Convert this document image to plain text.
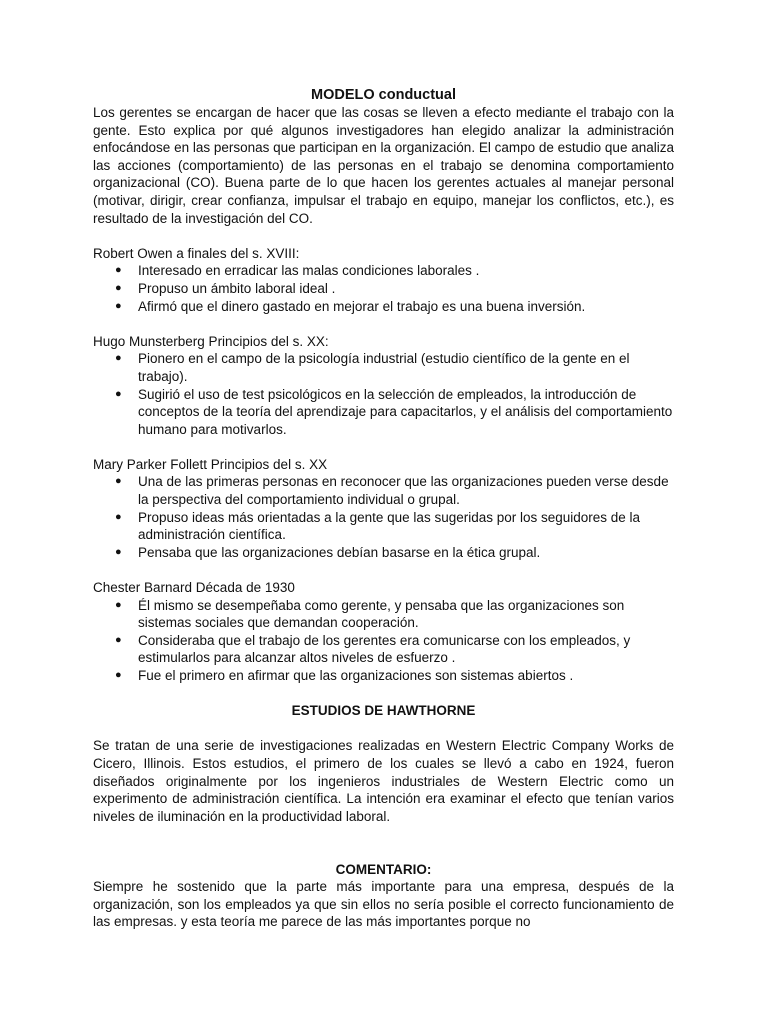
MODELO conductual

Los gerentes se encargan de hacer que las cosas se lleven a efecto mediante el trabajo con la gente. Esto explica por qué algunos investigadores han elegido analizar la administración enfocándose en las personas que participan en la organización. El campo de estudio que analiza las acciones (comportamiento) de las personas en el trabajo se denomina comportamiento organizacional (CO). Buena parte de lo que hacen los gerentes actuales al manejar personal (motivar, dirigir, crear confianza, impulsar el trabajo en equipo, manejar los conflictos, etc.), es resultado de la investigación del CO.

Robert Owen a finales del s. XVIII:

● Interesado en erradicar las malas condiciones laborales .
● Propuso un ámbito laboral ideal .
● Afirmó que el dinero gastado en mejorar el trabajo es una buena inversión.

Hugo Munsterberg Principios del s. XX:

● Pionero en el campo de la psicología industrial (estudio científico de la gente en el trabajo).
● Sugirió el uso de test psicológicos en la selección de empleados, la introducción de conceptos de la teoría del aprendizaje para capacitarlos, y el análisis del comportamiento humano para motivarlos.

Mary Parker Follett Principios del s. XX

● Una de las primeras personas en reconocer que las organizaciones pueden verse desde la perspectiva del comportamiento individual o grupal.
● Propuso ideas más orientadas a la gente que las sugeridas por los seguidores de la administración científica.
● Pensaba que las organizaciones debían basarse en la ética grupal.

Chester Barnard Década de 1930

● Él mismo se desempeñaba como gerente, y pensaba que las organizaciones son sistemas sociales que demandan cooperación.
● Consideraba que el trabajo de los gerentes era comunicarse con los empleados, y estimularlos para alcanzar altos niveles de esfuerzo .
● Fue el primero en afirmar que las organizaciones son sistemas abiertos .

ESTUDIOS DE HAWTHORNE

Se tratan de una serie de investigaciones realizadas en Western Electric Company Works de Cicero, Illinois. Estos estudios, el primero de los cuales se llevó a cabo en 1924, fueron diseñados originalmente por los ingenieros industriales de Western Electric como un experimento de administración científica. La intención era examinar el efecto que tenían varios niveles de iluminación en la productividad laboral.

COMENTARIO:

Siempre he sostenido que la parte más importante para una empresa, después de la organización, son los empleados ya que sin ellos no sería posible el correcto funcionamiento de las empresas. y esta teoría me parece de las más importantes porque no
